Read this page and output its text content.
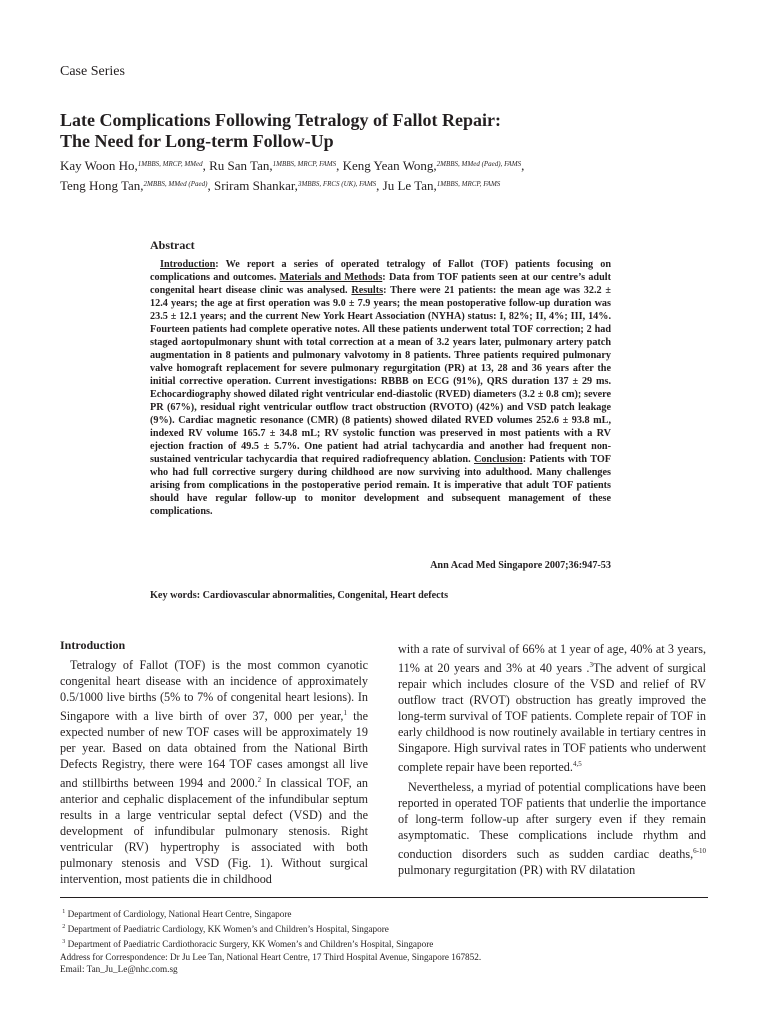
Case Series
Late Complications Following Tetralogy of Fallot Repair:
The Need for Long-term Follow-Up
Kay Woon Ho,$^{1MBBS, MRCP, MMed}$, Ru San Tan,$^{1MBBS, MRCP, FAMS}$, Keng Yean Wong,$^{2MBBS, MMed (Paed), FAMS}$,
Teng Hong Tan,$^{2MBBS, MMed (Paed)}$, Sriram Shankar,$^{3MBBS, FRCS (UK), FAMS}$, Ju Le Tan,$^{1MBBS, MRCP, FAMS}$
Abstract

Introduction: We report a series of operated tetralogy of Fallot (TOF) patients focusing on complications and outcomes. Materials and Methods: Data from TOF patients seen at our centre’s adult congenital heart disease clinic was analysed. Results: There were 21 patients: the mean age was 32.2 ± 12.4 years; the age at first operation was 9.0 ± 7.9 years; the mean postoperative follow-up duration was 23.5 ± 12.1 years; and the current New York Heart Association (NYHA) status: I, 82%; II, 4%; III, 14%. Fourteen patients had complete operative notes. All these patients underwent total TOF correction; 2 had staged aortopulmonary shunt with total correction at a mean of 3.2 years later, pulmonary artery patch augmentation in 8 patients and pulmonary valvotomy in 8 patients. Three patients required pulmonary valve homograft replacement for severe pulmonary regurgitation (PR) at 13, 28 and 36 years after the initial corrective operation. Current investigations: RBBB on ECG (91%), QRS duration 137 ± 29 ms. Echocardiography showed dilated right ventricular end-diastolic (RVED) diameters (3.2 ± 0.8 cm); severe PR (67%), residual right ventricular outflow tract obstruction (RVOTO) (42%) and VSD patch leakage (9%). Cardiac magnetic resonance (CMR) (8 patients) showed dilated RVED volumes 252.6 ± 93.8 mL, indexed RV volume 165.7 ± 34.8 mL; RV systolic function was preserved in most patients with a RV ejection fraction of 49.5 ± 5.7%. One patient had atrial tachycardia and another had frequent non-sustained ventricular tachycardia that required radiofrequency ablation. Conclusion: Patients with TOF who had full corrective surgery during childhood are now surviving into adulthood. Many challenges arising from complications in the postoperative period remain. It is imperative that adult TOF patients should have regular follow-up to monitor development and subsequent management of these complications.

Ann Acad Med Singapore 2007;36:947-53
Key words: Cardiovascular abnormalities, Congenital, Heart defects
Introduction

Tetralogy of Fallot (TOF) is the most common cyanotic congenital heart disease with an incidence of approximately 0.5/1000 live births (5% to 7% of congenital heart lesions). In Singapore with a live birth of over 37, 000 per year,$^1$ the expected number of new TOF cases will be approximately 19 per year. Based on data obtained from the National Birth Defects Registry, there were 164 TOF cases amongst all live and stillbirths between 1994 and 2000.$^2$ In classical TOF, an anterior and cephalic displacement of the infundibular septum results in a large ventricular septal defect (VSD) and the development of infundibular pulmonary stenosis. Right ventricular (RV) hypertrophy is associated with both pulmonary stenosis and VSD (Fig. 1). Without surgical intervention, most patients die in childhood

with a rate of survival of 66% at 1 year of age, 40% at 3 years, 11% at 20 years and 3% at 40 years .$^3$The advent of surgical repair which includes closure of the VSD and relief of RV outflow tract (RVOT) obstruction has greatly improved the long-term survival of TOF patients. Complete repair of TOF in early childhood is now routinely available in tertiary centres in Singapore. High survival rates in TOF patients who underwent complete repair have been reported.$^{4,5}$

Nevertheless, a myriad of potential complications have been reported in operated TOF patients that underlie the importance of long-term follow-up after surgery even if they remain asymptomatic. These complications include rhythm and conduction disorders such as sudden cardiac deaths,$^{6-10}$ pulmonary regurgitation (PR) with RV dilatation

$^1$ Department of Cardiology, National Heart Centre, Singapore
$^2$ Department of Paediatric Cardiology, KK Women’s and Children’s Hospital, Singapore
$^3$ Department of Paediatric Cardiothoracic Surgery, KK Women’s and Children’s Hospital, Singapore
Address for Correspondence: Dr Ju Lee Tan, National Heart Centre, 17 Third Hospital Avenue, Singapore 167852.
Email: Tan_Ju_Le@nhc.com.sg
